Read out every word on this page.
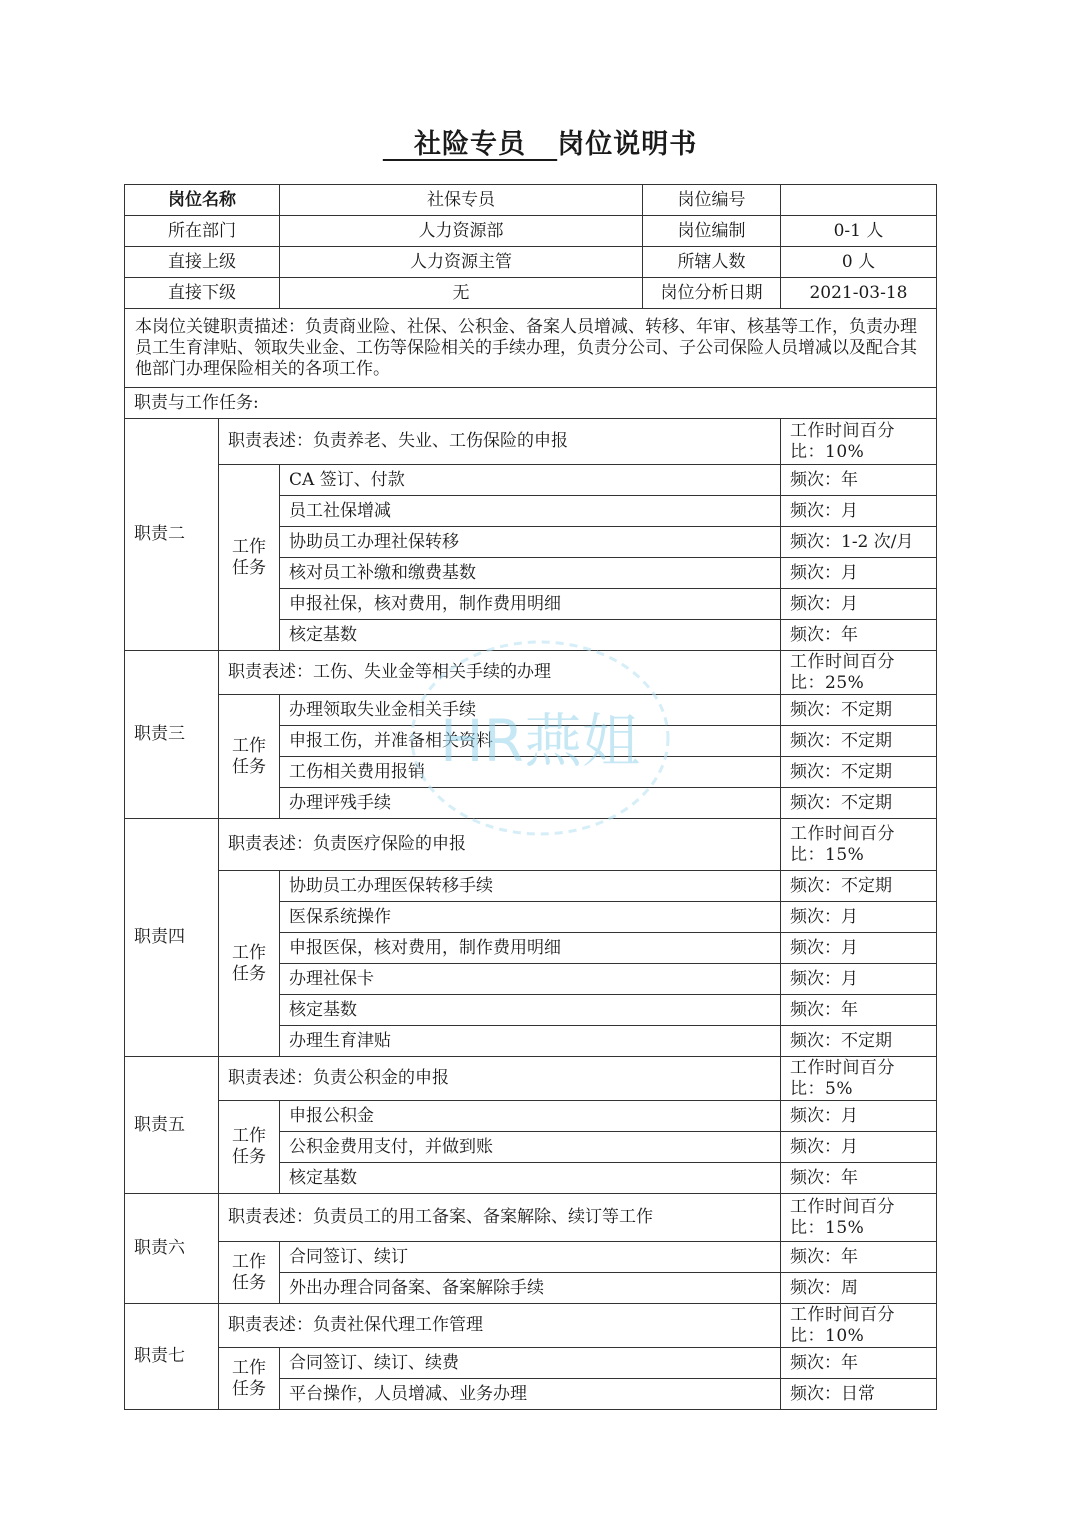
社险专员 岗位说明书
岗位名称		社保专员	岗位编号	
所在部门		人力资源部	岗位编制	0-1 人
直接上级		人力资源主管	所辖人数	0 人
直接下级		无	岗位分析日期	2021-03-18
本岗位关键职责描述：负责商业险、社保、公积金、备案人员增减、转移、年审、核基等工作，负责办理员工生育津贴、领取失业金、工伤等保险相关的手续办理，负责分公司、子公司保险人员增减以及配合其他部门办理保险相关的各项工作。				
职责与工作任务:				
职责二	职责表述：负责养老、失业、工伤保险的申报			工作时间百分比：10%
	工作任务	CA 签订、付款		频次：年
		员工社保增减		频次：月
		协助员工办理社保转移		频次：1-2 次/月
		核对员工补缴和缴费基数		频次：月
		申报社保，核对费用，制作费用明细		频次：月
		核定基数		频次：年
职责三	职责表述：工伤、失业金等相关手续的办理			工作时间百分比：25%
	工作任务	办理领取失业金相关手续		频次：不定期
		申报工伤，并准备相关资料		频次：不定期
		工伤相关费用报销		频次：不定期
		办理评残手续		频次：不定期
职责四	职责表述：负责医疗保险的申报			工作时间百分比：15%
	工作任务	协助员工办理医保转移手续		频次：不定期
		医保系统操作		频次：月
		申报医保，核对费用，制作费用明细		频次：月
		办理社保卡		频次：月
		核定基数		频次：年
		办理生育津贴		频次：不定期
职责五	职责表述：负责公积金的申报			工作时间百分比：5%
	工作任务	申报公积金		频次：月
		公积金费用支付，并做到账		频次：月
		核定基数		频次：年
职责六	职责表述：负责员工的用工备案、备案解除、续订等工作			工作时间百分比：15%
	工作任务	合同签订、续订		频次：年
		外出办理合同备案、备案解除手续		频次：周
职责七	职责表述：负责社保代理工作管理			工作时间百分比：10%
	工作任务	合同签订、续订、续费		频次：年
		平台操作，人员增减、业务办理		频次：日常
HR燕姐
